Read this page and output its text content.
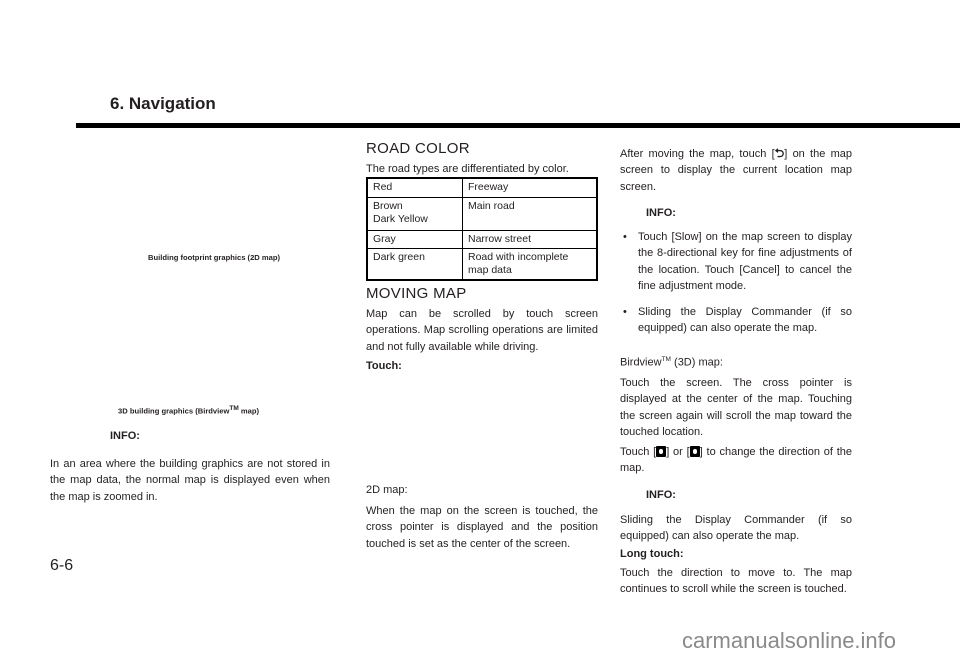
6. Navigation
Building footprint graphics (2D map)
3D building graphics (Birdview™ map)
INFO:

In an area where the building graphics are not stored in the map data, the normal map is displayed even when the map is zoomed in.

ROAD COLOR

The road types are differentiated by color.

Red	Freeway
Brown
Dark Yellow	Main road
Gray	Narrow street
Dark green	Road with incomplete map data
MOVING MAP

Map can be scrolled by touch screen operations. Map scrolling operations are limited and not fully available while driving.

Touch:

2D map:

When the map on the screen is touched, the cross pointer is displayed and the position touched is set as the center of the screen.

After moving the map, touch [⮌] on the map screen to display the current location map screen.

INFO:

• Touch [Slow] on the map screen to display the 8-directional key for fine adjustments of the location. Touch [Cancel] to cancel the fine adjustment mode.

• Sliding the Display Commander (if so equipped) can also operate the map.

Birdview™ (3D) map:

Touch the screen. The cross pointer is displayed at the center of the map. Touching the screen again will scroll the map toward the touched location.

Touch [ ] or [ ] to change the direction of the map.

INFO:

Sliding the Display Commander (if so equipped) can also operate the map.

Long touch:

Touch the direction to move to. The map continues to scroll while the screen is touched.

6-6
carmanualsonline.info
